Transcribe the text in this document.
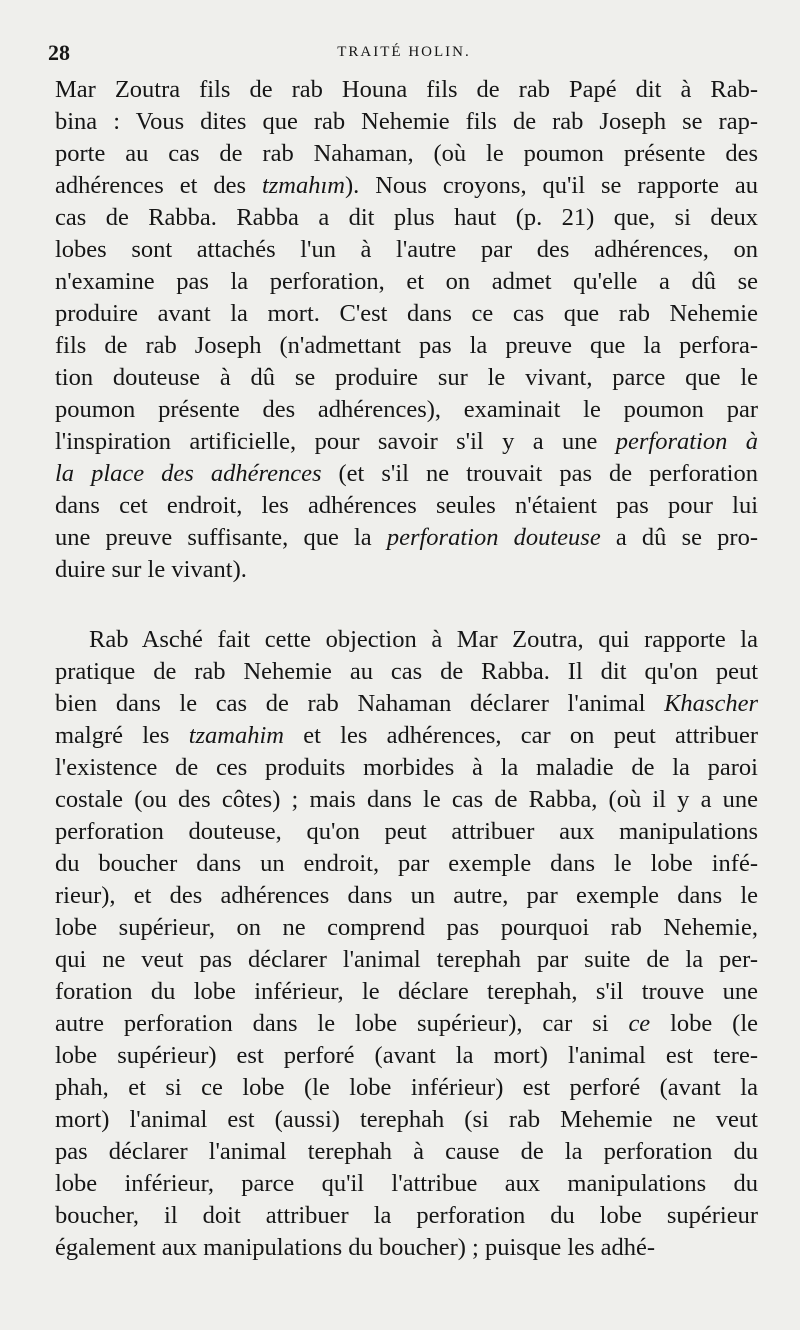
28	TRAITÉ HOLIN.
Mar Zoutra fils de rab Houna fils de rab Papé dit à Rab-
bina : Vous dites que rab Nehemie fils de rab Joseph se rap-
porte au cas de rab Nahaman, (où le poumon présente des
adhérences et des tzmahım). Nous croyons, qu'il se rapporte au
cas de Rabba. Rabba a dit plus haut (p. 21) que, si deux
lobes sont attachés l'un à l'autre par des adhérences, on
n'examine pas la perforation, et on admet qu'elle a dû se
produire avant la mort. C'est dans ce cas que rab Nehemie
fils de rab Joseph (n'admettant pas la preuve que la perfora-
tion douteuse à dû se produire sur le vivant, parce que le
poumon présente des adhérences), examinait le poumon par
l'inspiration artificielle, pour savoir s'il y a une perforation à
la place des adhérences (et s'il ne trouvait pas de perforation
dans cet endroit, les adhérences seules n'étaient pas pour lui
une preuve suffisante, que la perforation douteuse a dû se pro-
duire sur le vivant).
Rab Asché fait cette objection à Mar Zoutra, qui rapporte la
pratique de rab Nehemie au cas de Rabba. Il dit qu'on peut
bien dans le cas de rab Nahaman déclarer l'animal Khascher
malgré les tzamahim et les adhérences, car on peut attribuer
l'existence de ces produits morbides à la maladie de la paroi
costale (ou des côtes) ; mais dans le cas de Rabba, (où il y a une
perforation douteuse, qu'on peut attribuer aux manipulations
du boucher dans un endroit, par exemple dans le lobe infé-
rieur), et des adhérences dans un autre, par exemple dans le
lobe supérieur, on ne comprend pas pourquoi rab Nehemie,
qui ne veut pas déclarer l'animal terephah par suite de la per-
foration du lobe inférieur, le déclare terephah, s'il trouve une
autre perforation dans le lobe supérieur), car si ce lobe (le
lobe supérieur) est perforé (avant la mort) l'animal est tere-
phah, et si ce lobe (le lobe inférieur) est perforé (avant la
mort) l'animal est (aussi) terephah (si rab Mehemie ne veut
pas déclarer l'animal terephah à cause de la perforation du
lobe inférieur, parce qu'il l'attribue aux manipulations du
boucher, il doit attribuer la perforation du lobe supérieur
également aux manipulations du boucher) ; puisque les adhé-
